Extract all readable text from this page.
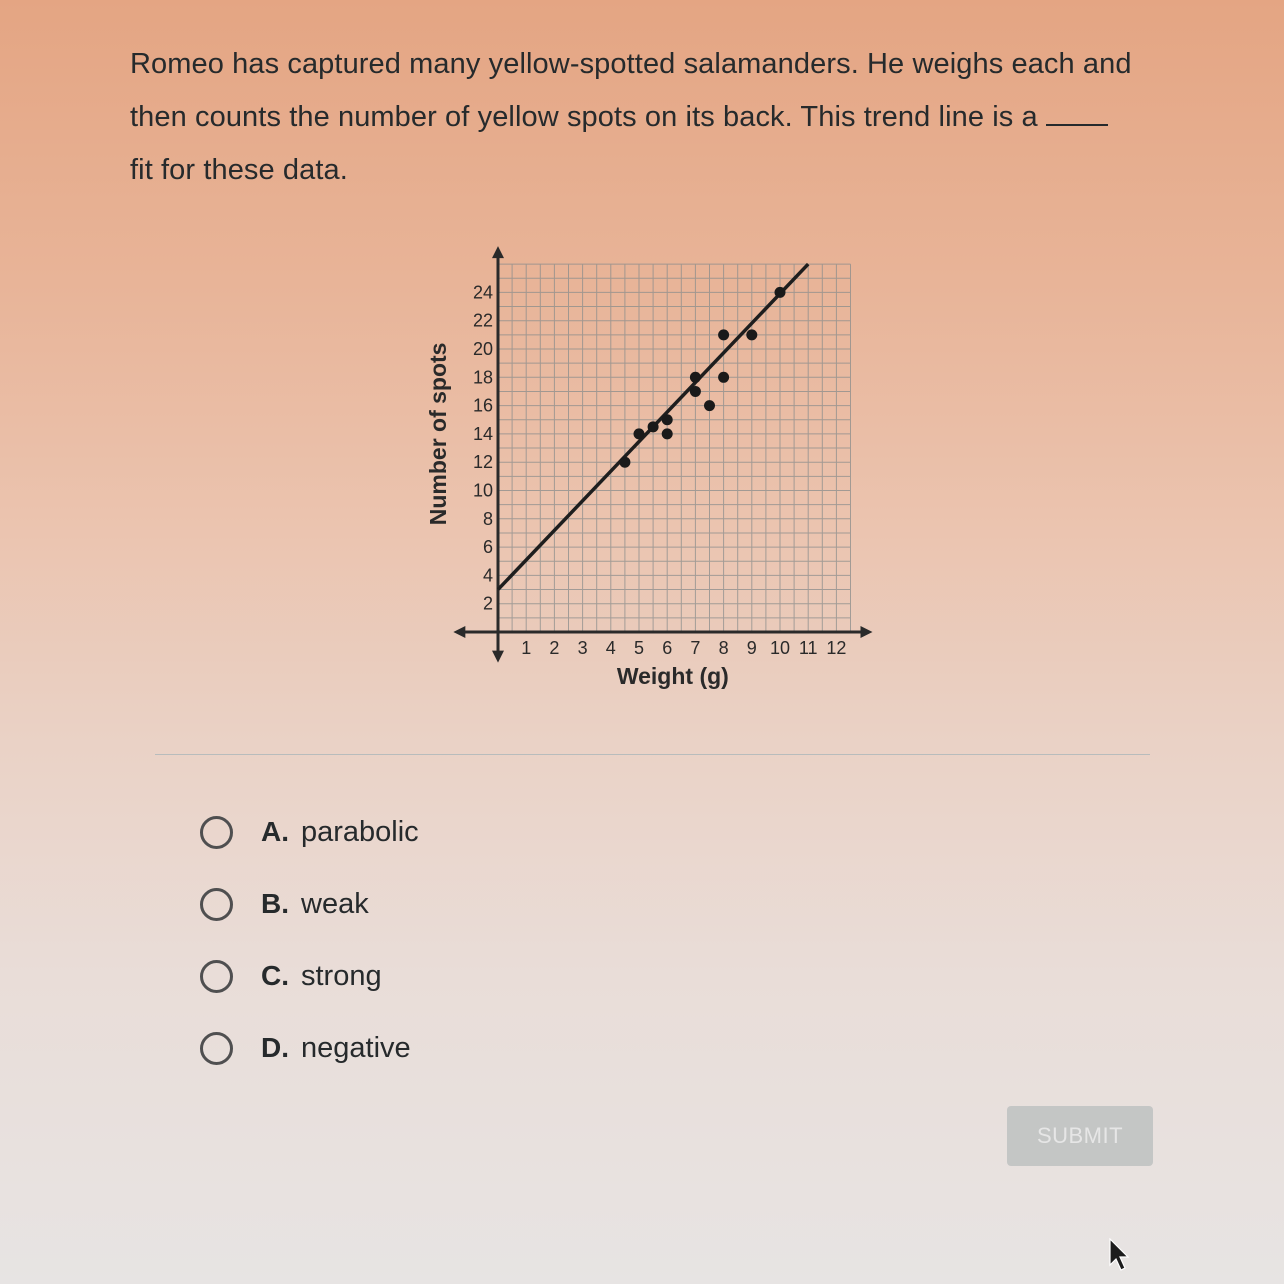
Romeo has captured many yellow-spotted salamanders. He weighs each and then counts the number of yellow spots on its back. This trend line is a
fit for these data.

1 2 3 4 5 6 7 8 9 10 11 12
2
4
6
8
10
12
14
16
18
20
22
24
Weight (g)
Number of spots
A. parabolic
B. weak
C. strong
D. negative
SUBMIT
